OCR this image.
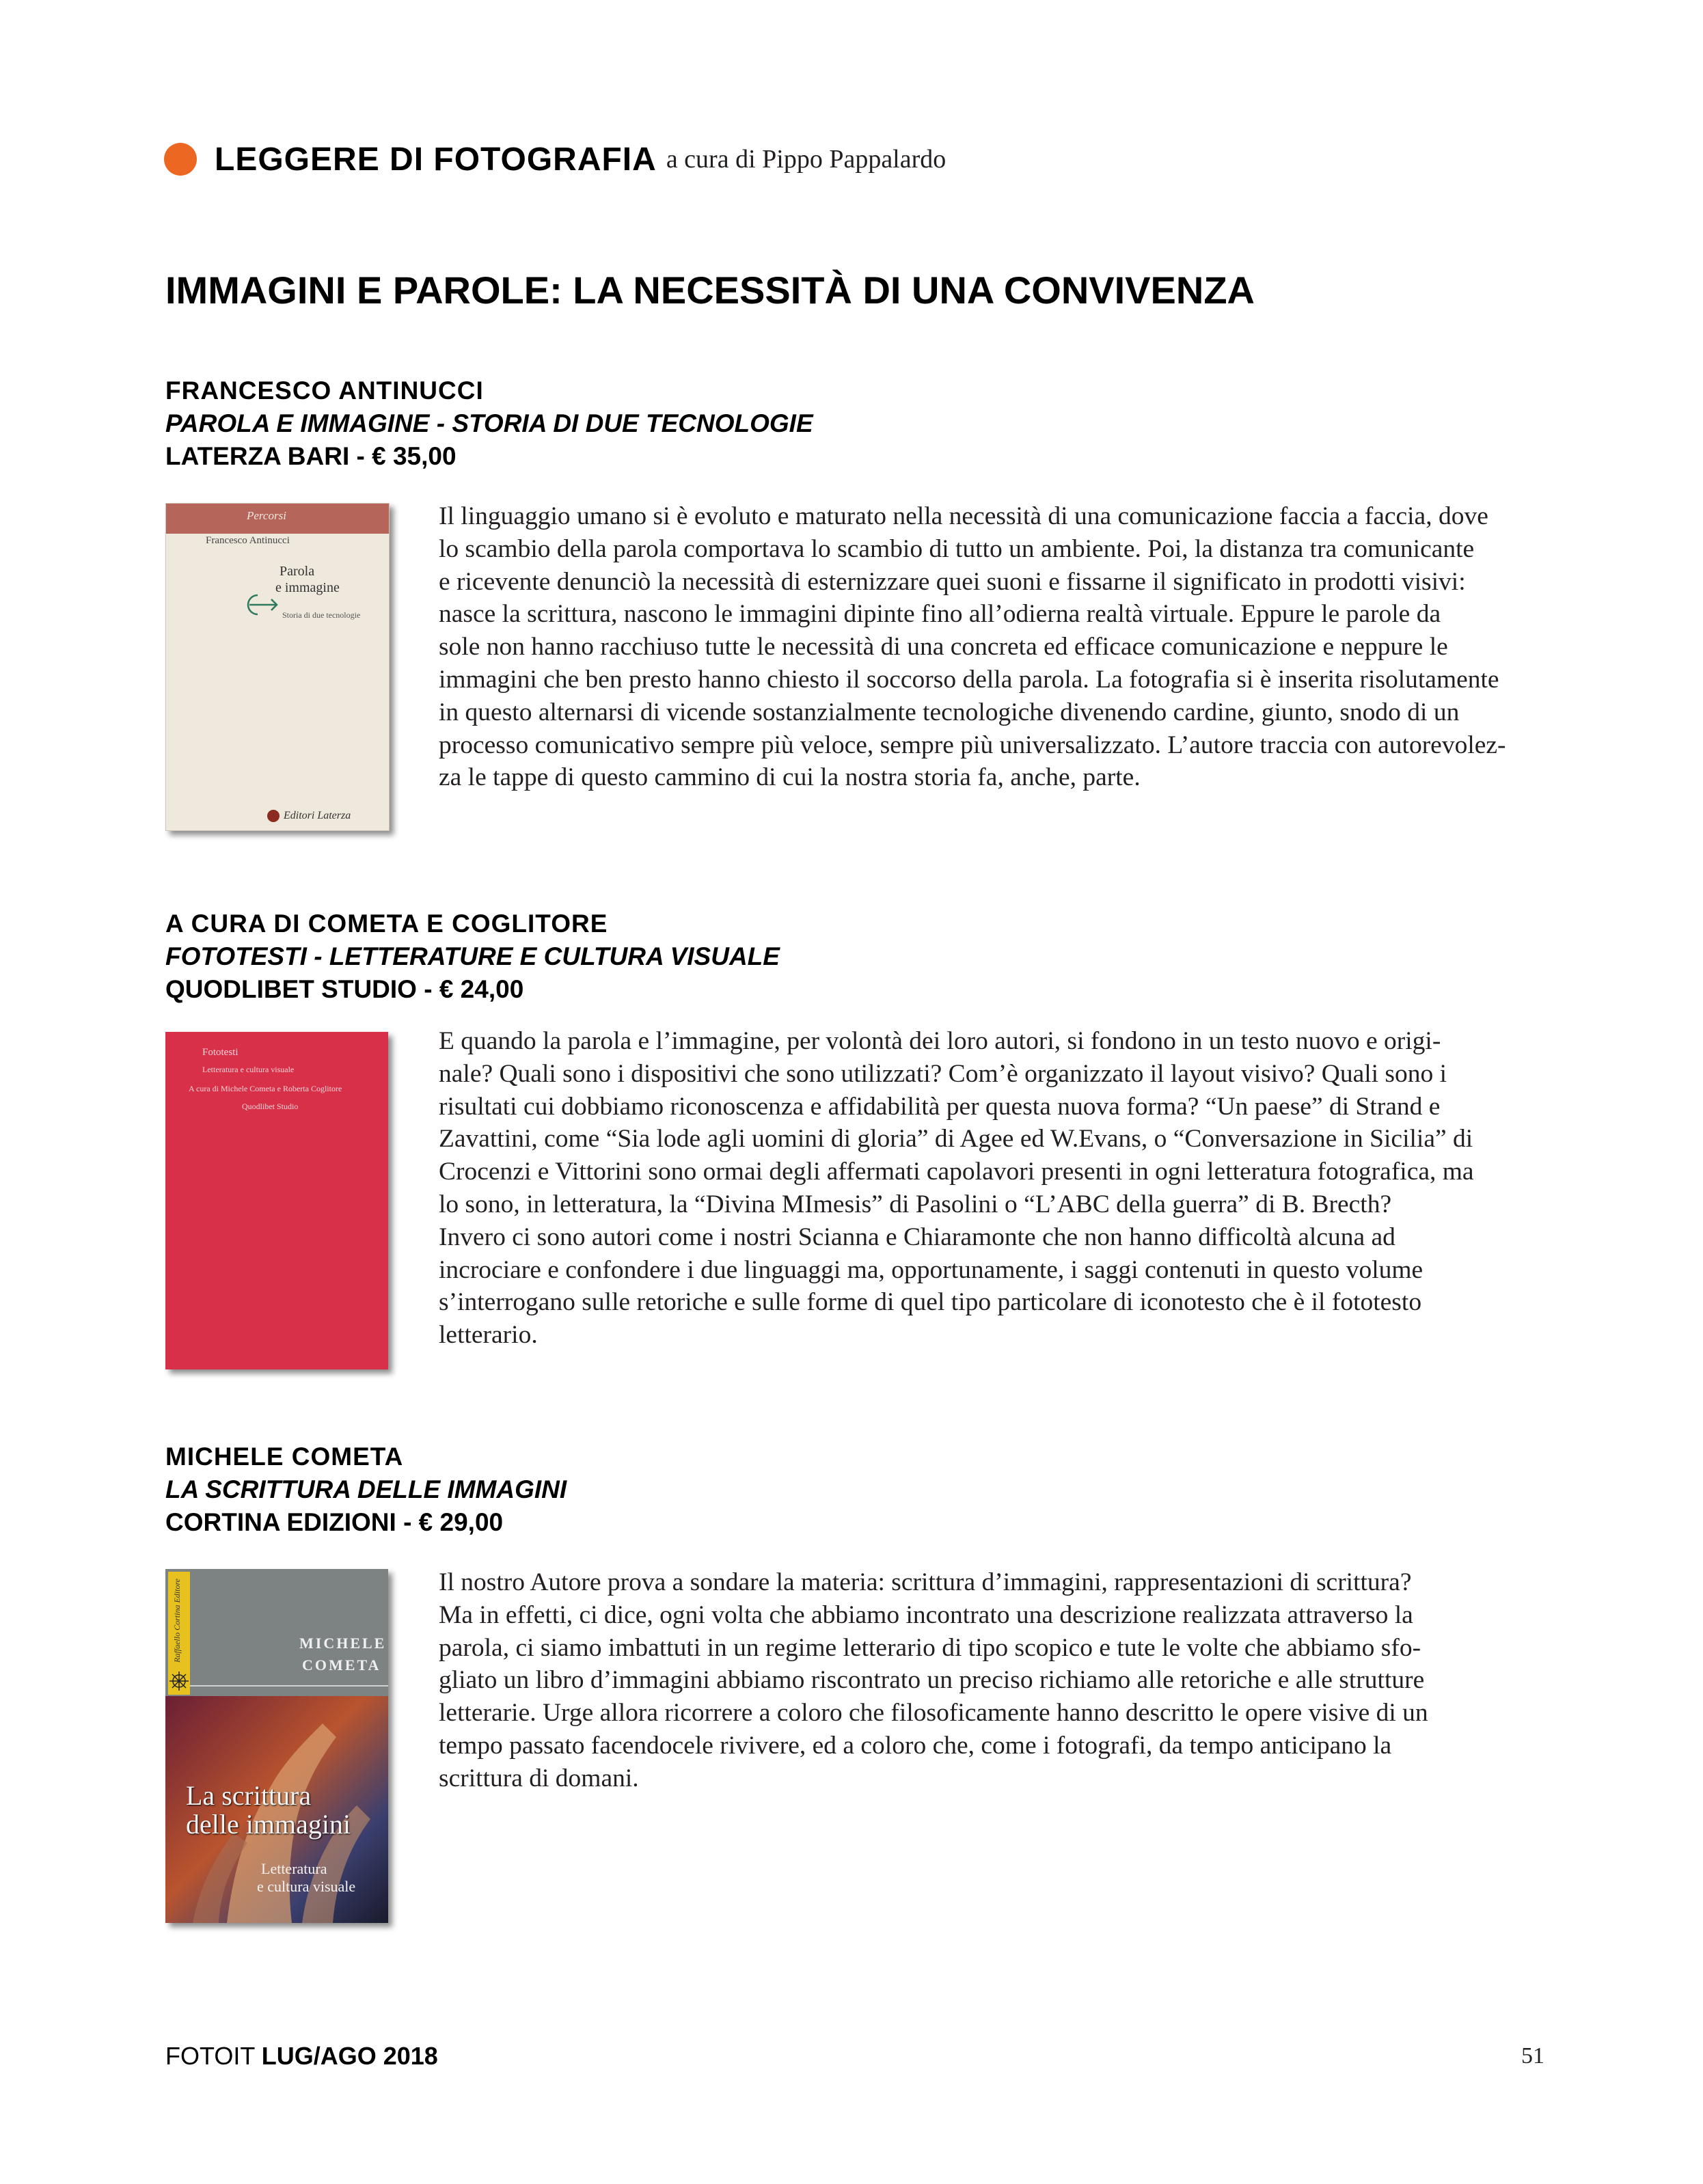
LEGGERE DI FOTOGRAFIA a cura di Pippo Pappalardo
IMMAGINI E PAROLE: LA NECESSITÀ DI UNA CONVIVENZA
FRANCESCO ANTINUCCI
PAROLA E IMMAGINE - STORIA DI DUE TECNOLOGIE
LATERZA BARI - € 35,00
Percorsi
Francesco Antinucci
Parola
e immagine
Storia di due tecnologie
Editori Laterza
Il linguaggio umano si è evoluto e maturato nella necessità di una comunicazione faccia a faccia, dove
lo scambio della parola comportava lo scambio di tutto un ambiente. Poi, la distanza tra comunicante
e ricevente denunciò la necessità di esternizzare quei suoni e fissarne il significato in prodotti visivi:
nasce la scrittura, nascono le immagini dipinte fino all’odierna realtà virtuale. Eppure le parole da
sole non hanno racchiuso tutte le necessità di una concreta ed efficace comunicazione e neppure le
immagini che ben presto hanno chiesto il soccorso della parola. La fotografia si è inserita risolutamente
in questo alternarsi di vicende sostanzialmente tecnologiche divenendo cardine, giunto, snodo di un
processo comunicativo sempre più veloce, sempre più universalizzato. L’autore traccia con autorevolez-
za le tappe di questo cammino di cui la nostra storia fa, anche, parte.
A CURA DI COMETA E COGLITORE
FOTOTESTI - LETTERATURE E CULTURA VISUALE
QUODLIBET STUDIO - € 24,00
Fototesti
Letteratura e cultura visuale
A cura di Michele Cometa e Roberta Coglitore
Quodlibet Studio
E quando la parola e l’immagine, per volontà dei loro autori, si fondono in un testo nuovo e origi-
nale? Quali sono i dispositivi che sono utilizzati? Com’è organizzato il layout visivo? Quali sono i
risultati cui dobbiamo riconoscenza e affidabilità per questa nuova forma? “Un paese” di Strand e
Zavattini, come “Sia lode agli uomini di gloria” di Agee ed W.Evans, o “Conversazione in Sicilia” di
Crocenzi e Vittorini sono ormai degli affermati capolavori presenti in ogni letteratura fotografica, ma
lo sono, in letteratura, la “Divina MImesis” di Pasolini o “L’ABC della guerra” di B. Brecth?
Invero ci sono autori come i nostri Scianna e Chiaramonte che non hanno difficoltà alcuna ad
incrociare e confondere i due linguaggi ma, opportunamente, i saggi contenuti in questo volume
s’interrogano sulle retoriche e sulle forme di quel tipo particolare di iconotesto che è il fototesto
letterario.
MICHELE COMETA
LA SCRITTURA DELLE IMMAGINI
CORTINA EDIZIONI - € 29,00
Raffaello Cortina Editore	MICHELE
COMETA
La scrittura
delle immagini
Letteratura
e cultura visuale
Il nostro Autore prova a sondare la materia: scrittura d’immagini, rappresentazioni di scrittura?
Ma in effetti, ci dice, ogni volta che abbiamo incontrato una descrizione realizzata attraverso la
parola, ci siamo imbattuti in un regime letterario di tipo scopico e tute le volte che abbiamo sfo-
gliato un libro d’immagini abbiamo riscontrato un preciso richiamo alle retoriche e alle strutture
letterarie. Urge allora ricorrere a coloro che filosoficamente hanno descritto le opere visive di un
tempo passato facendocele rivivere, ed a coloro che, come i fotografi, da tempo anticipano la
scrittura di domani.
FOTOIT LUG/AGO 2018	51
